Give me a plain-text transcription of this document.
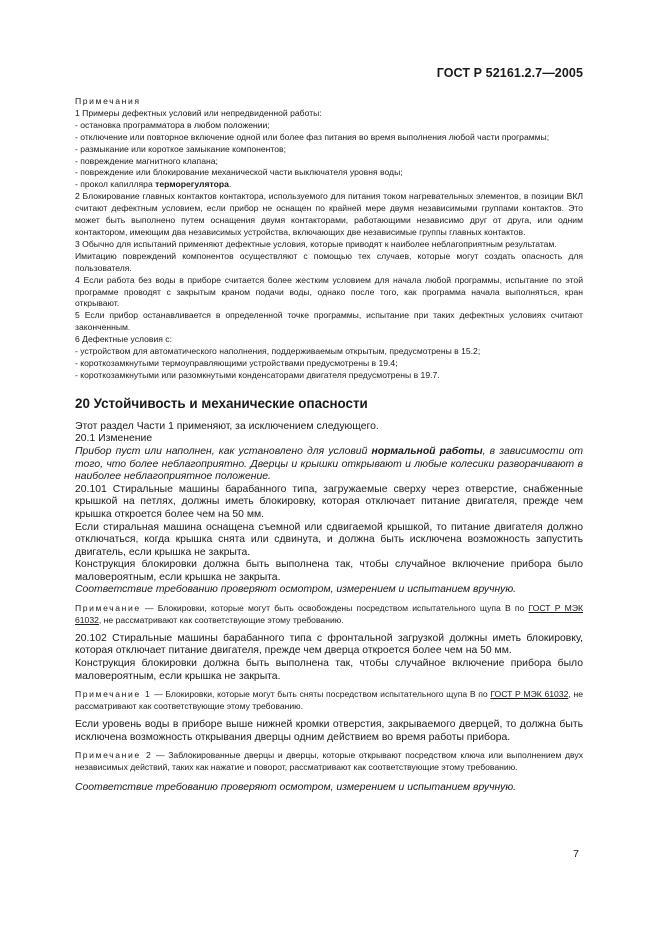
ГОСТ Р 52161.2.7—2005

Примечания

1 Примеры дефектных условий или непредвиденной работы:

- остановка программатора в любом положении;

- отключение или повторное включение одной или более фаз питания во время выполнения любой части программы;

- размыкание или короткое замыкание компонентов;

- повреждение магнитного клапана;

- повреждение или блокирование механической части выключателя уровня воды;

- прокол капилляра терморегулятора.

2 Блокирование главных контактов контактора, используемого для питания током нагревательных элементов, в позиции ВКЛ считают дефектным условием, если прибор не оснащен по крайней мере двумя независимыми группами контактов. Это может быть выполнено путем оснащения двумя контакторами, работающими независимо друг от друга, или одним контактором, имеющим два независимых устройства, включающих две независимые группы главных контактов.

3 Обычно для испытаний применяют дефектные условия, которые приводят к наиболее неблагоприятным результатам.

Имитацию повреждений компонентов осуществляют с помощью тех случаев, которые могут создать опасность для пользователя.

4 Если работа без воды в приборе считается более жестким условием для начала любой программы, испытание по этой программе проводят с закрытым краном подачи воды, однако после того, как программа начала выполняться, кран открывают.

5 Если прибор останавливается в определенной точке программы, испытание при таких дефектных условиях считают законченным.

6 Дефектные условия с:

- устройством для автоматического наполнения, поддерживаемым открытым, предусмотрены в 15.2;

- короткозамкнутыми термоуправляющими устройствами предусмотрены в 19.4;

- короткозамкнутыми или разомкнутыми конденсаторами двигателя предусмотрены в 19.7.

20 Устойчивость и механические опасности

Этот раздел Части 1 применяют, за исключением следующего.

20.1 Изменение

Прибор пуст или наполнен, как установлено для условий нормальной работы, в зависимости от того, что более неблагоприятно. Дверцы и крышки открывают и любые колесики разворачивают в наиболее неблагоприятное положение.

20.101 Стиральные машины барабанного типа, загружаемые сверху через отверстие, снабженные крышкой на петлях, должны иметь блокировку, которая отключает питание двигателя, прежде чем крышка откроется более чем на 50 мм.

Если стиральная машина оснащена съемной или сдвигаемой крышкой, то питание двигателя должно отключаться, когда крышка снята или сдвинута, и должна быть исключена возможность запустить двигатель, если крышка не закрыта.

Конструкция блокировки должна быть выполнена так, чтобы случайное включение прибора было маловероятным, если крышка не закрыта.

Соответствие требованию проверяют осмотром, измерением и испытанием вручную.

Примечание — Блокировки, которые могут быть освобождены посредством испытательного щупа В по ГОСТ Р МЭК 61032, не рассматривают как соответствующие этому требованию.

20.102 Стиральные машины барабанного типа с фронтальной загрузкой должны иметь блокировку, которая отключает питание двигателя, прежде чем дверца откроется более чем на 50 мм.

Конструкция блокировки должна быть выполнена так, чтобы случайное включение прибора было маловероятным, если крышка не закрыта.

Примечание 1 — Блокировки, которые могут быть сняты посредством испытательного щупа В по ГОСТ Р МЭК 61032, не рассматривают как соответствующие этому требованию.

Если уровень воды в приборе выше нижней кромки отверстия, закрываемого дверцей, то должна быть исключена возможность открывания дверцы одним действием во время работы прибора.

Примечание 2 — Заблокированные дверцы и дверцы, которые открывают посредством ключа или выполнением двух независимых действий, таких как нажатие и поворот, рассматривают как соответствующие этому требованию.

Соответствие требованию проверяют осмотром, измерением и испытанием вручную.

7
